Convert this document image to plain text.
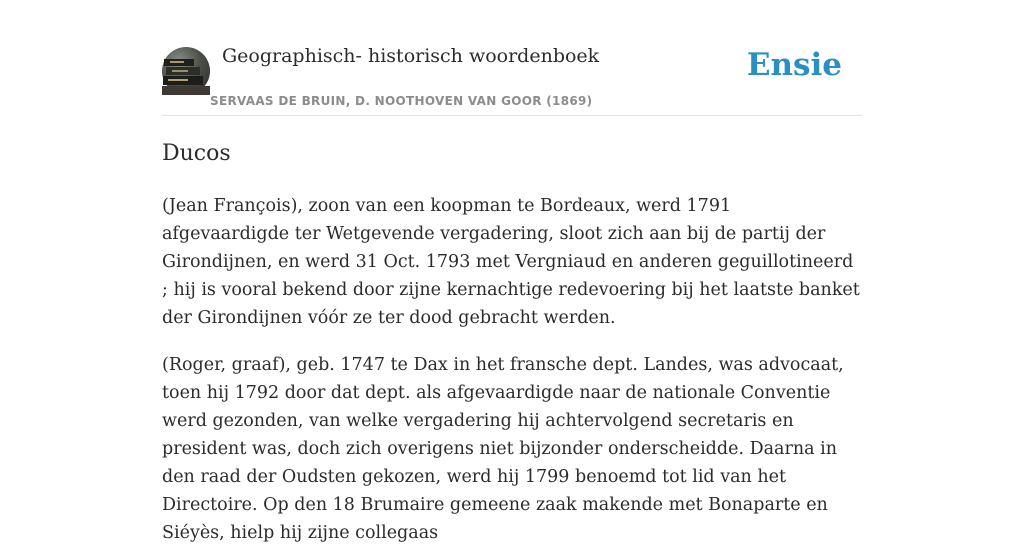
Geographisch- historisch woordenboek
SERVAAS DE BRUIN, D. NOOTHOVEN VAN GOOR (1869)
Ensie
Ducos

(Jean François), zoon van een koopman te Bordeaux, werd 1791 afgevaardigde ter Wetgevende vergadering, sloot zich aan bij de partij der Girondijnen, en werd 31 Oct. 1793 met Vergniaud en anderen geguillotineerd ; hij is vooral bekend door zijne kernachtige redevoering bij het laatste banket der Girondijnen vóór ze ter dood gebracht werden.

(Roger, graaf), geb. 1747 te Dax in het fransche dept. Landes, was advocaat, toen hij 1792 door dat dept. als afgevaardigde naar de nationale Conventie werd gezonden, van welke vergadering hij achtervolgend secretaris en president was, doch zich overigens niet bijzonder onderscheidde. Daarna in den raad der Oudsten gekozen, werd hij 1799 benoemd tot lid van het Directoire. Op den 18 Brumaire gemeene zaak makende met Bonaparte en Siéyès, hielp hij zijne collegaas
